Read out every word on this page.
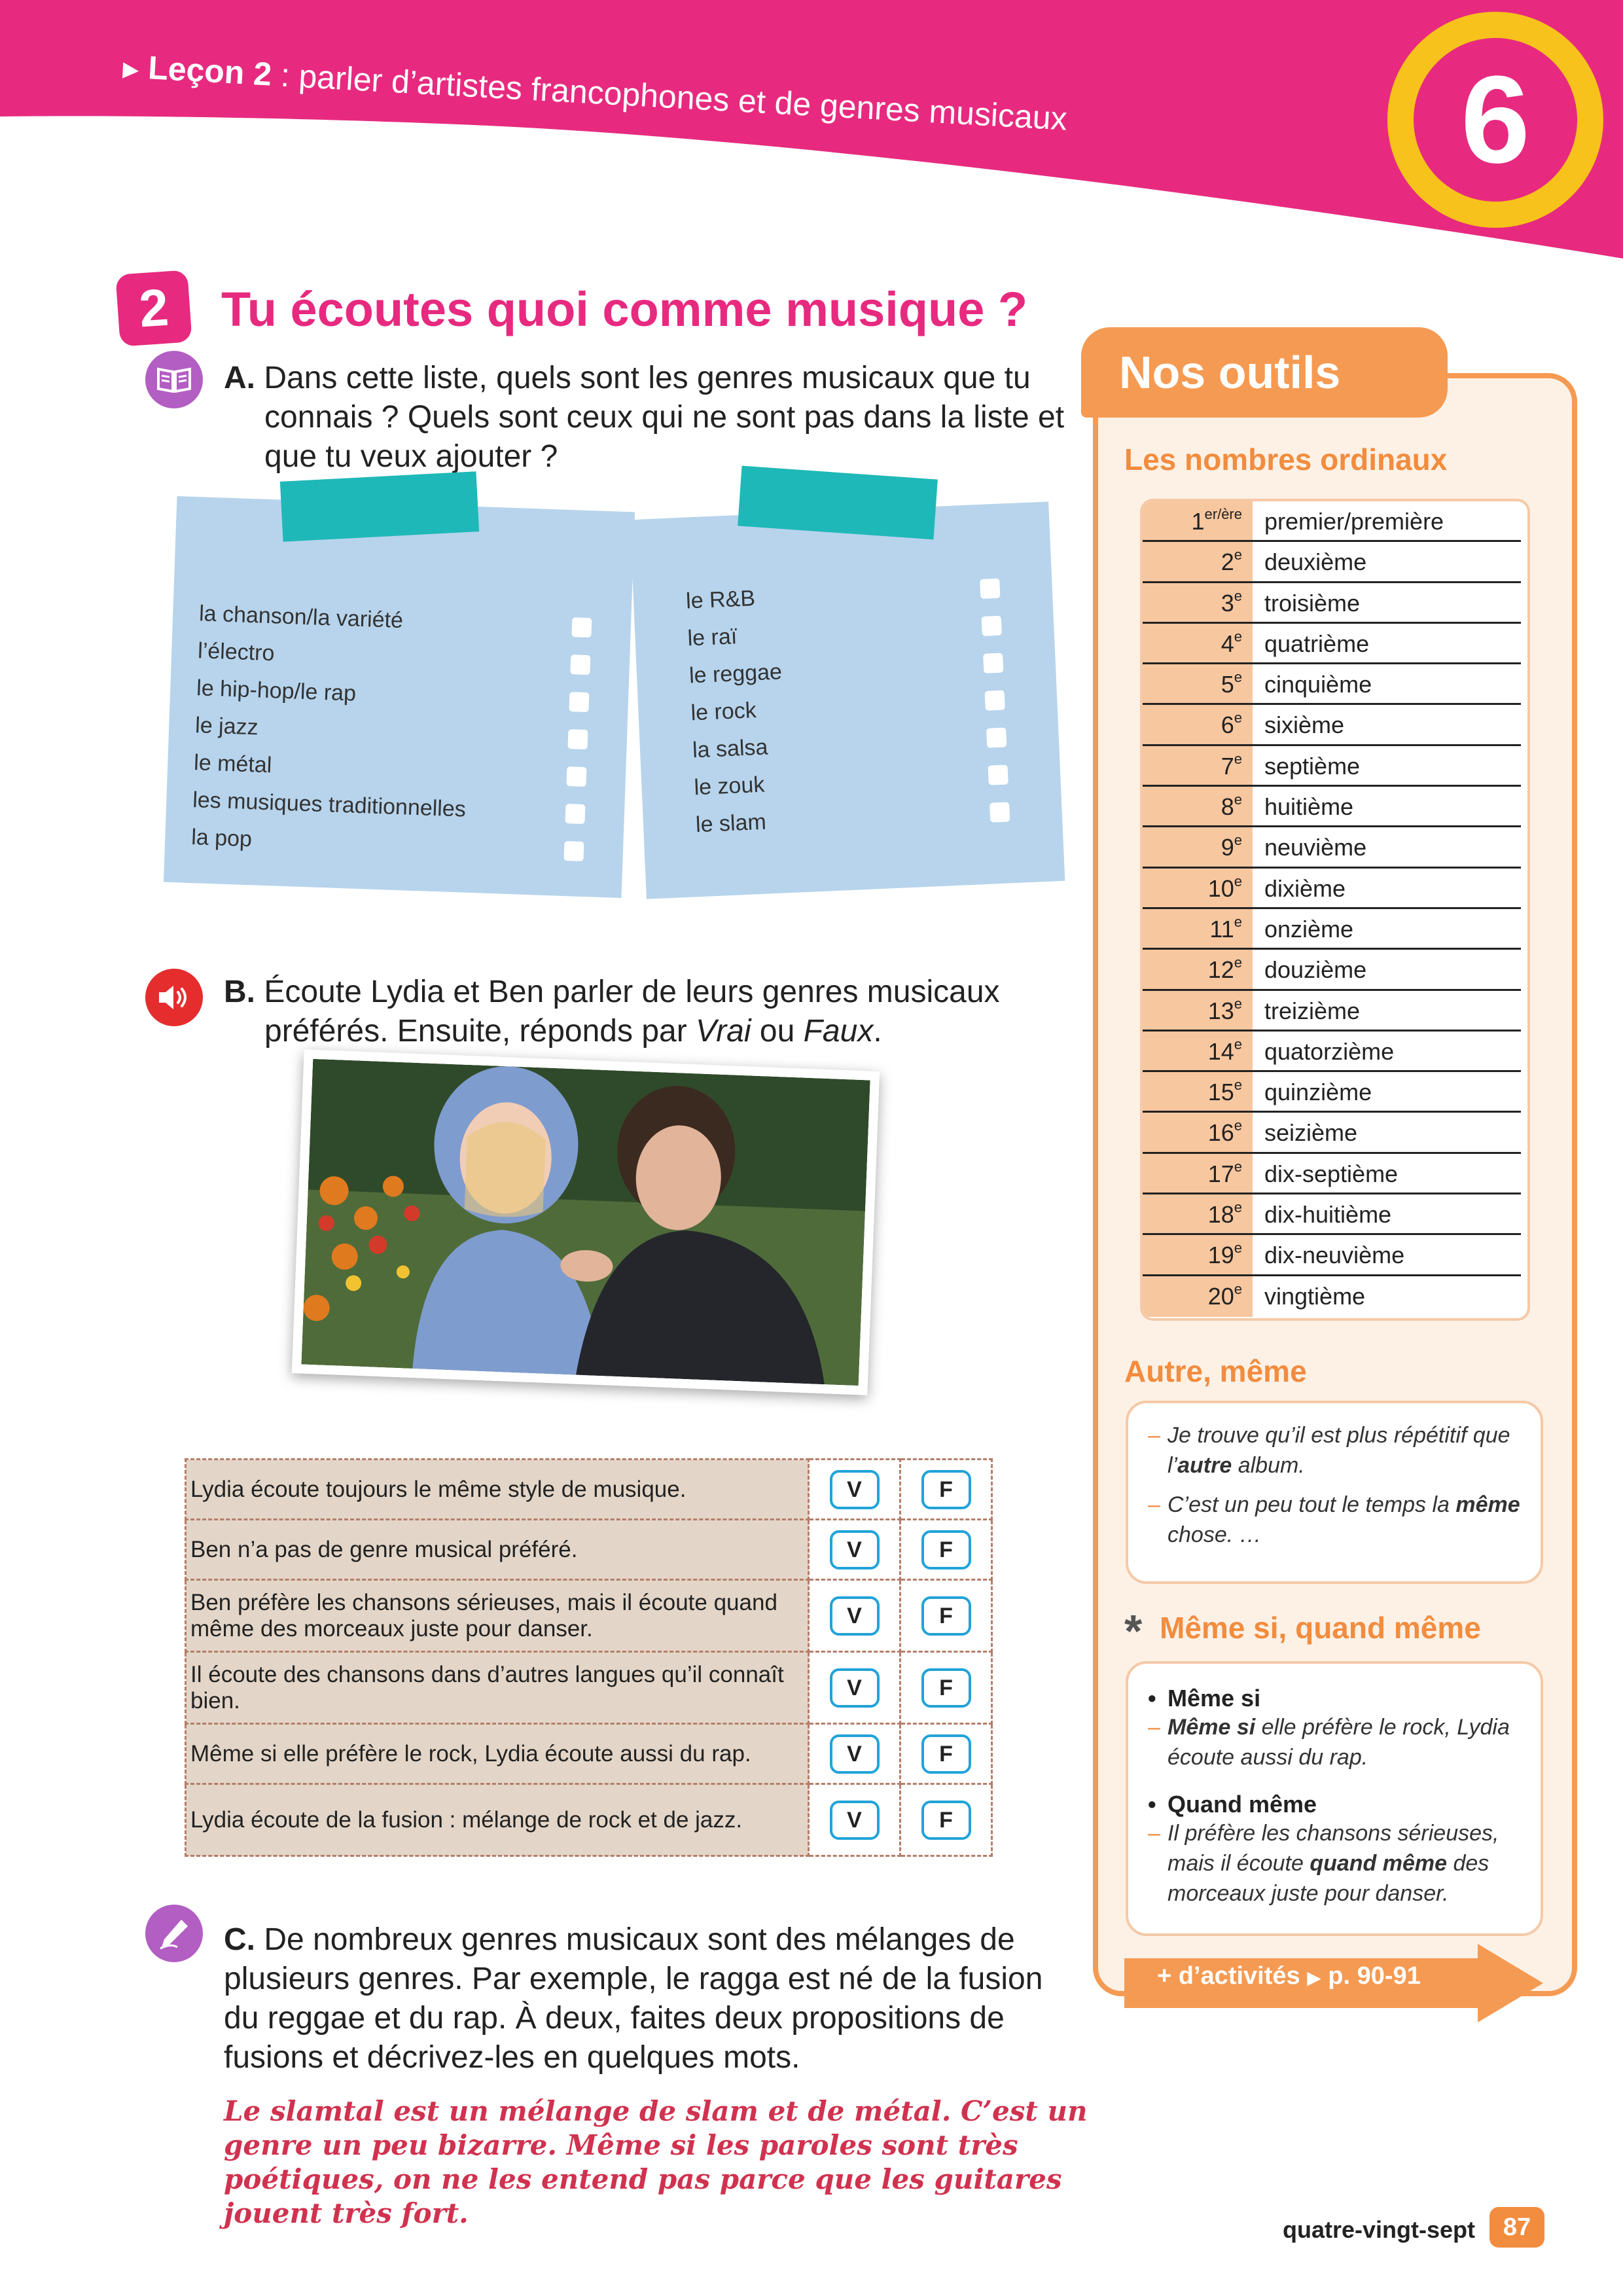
▶ Leçon 2 : parler d’artistes francophones et de genres musicaux	6
2	Tu écoutes quoi comme musique ?
A. Dans cette liste, quels sont les genres musicaux que tu connais ? Quels sont ceux qui ne sont pas dans la liste et que tu veux ajouter ?
la chanson/la variété
l’électro
le hip-hop/le rap
le jazz
le métal
les musiques traditionnelles
la pop
le R&B
le raï
le reggae
le rock
la salsa
le zouk
le slam
B. Écoute Lydia et Ben parler de leurs genres musicaux préférés. Ensuite, réponds par Vrai ou Faux.
Lydia écoute toujours le même style de musique.	V	F
Ben n’a pas de genre musical préféré.	V	F
Ben préfère les chansons sérieuses, mais il écoute quand même des morceaux juste pour danser.	V	F
Il écoute des chansons dans d’autres langues qu’il connaît bien.	V	F
Même si elle préfère le rock, Lydia écoute aussi du rap.	V	F
Lydia écoute de la fusion : mélange de rock et de jazz.	V	F
C. De nombreux genres musicaux sont des mélanges de plusieurs genres. Par exemple, le ragga est né de la fusion du reggae et du rap. À deux, faites deux propositions de fusions et décrivez-les en quelques mots.
Le slamtal est un mélange de slam et de métal. C’est un genre un peu bizarre. Même si les paroles sont très poétiques, on ne les entend pas parce que les guitares jouent très fort.
Nos outils
Les nombres ordinaux
$1^{er/ère}$ premier/première
2e deuxième
3e troisième
4e quatrième
5e cinquième
6e sixième
7e septième
8e huitième
9e neuvième
10e dixième
11e onzième
12e douzième
13e treizième
14e quatorzième
15e quinzième
16e seizième
17e dix-septième
18e dix-huitième
19e dix-neuvième
20e vingtième
Autre, même
– Je trouve qu’il est plus répétitif que l’autre album.
– C’est un peu tout le temps la même chose. …
* Même si, quand même
• Même si
– Même si elle préfère le rock, Lydia écoute aussi du rap.
• Quand même
– Il préfère les chansons sérieuses, mais il écoute quand même des morceaux juste pour danser.
+ d’activités ▶ p. 90-91
quatre-vingt-sept	87
